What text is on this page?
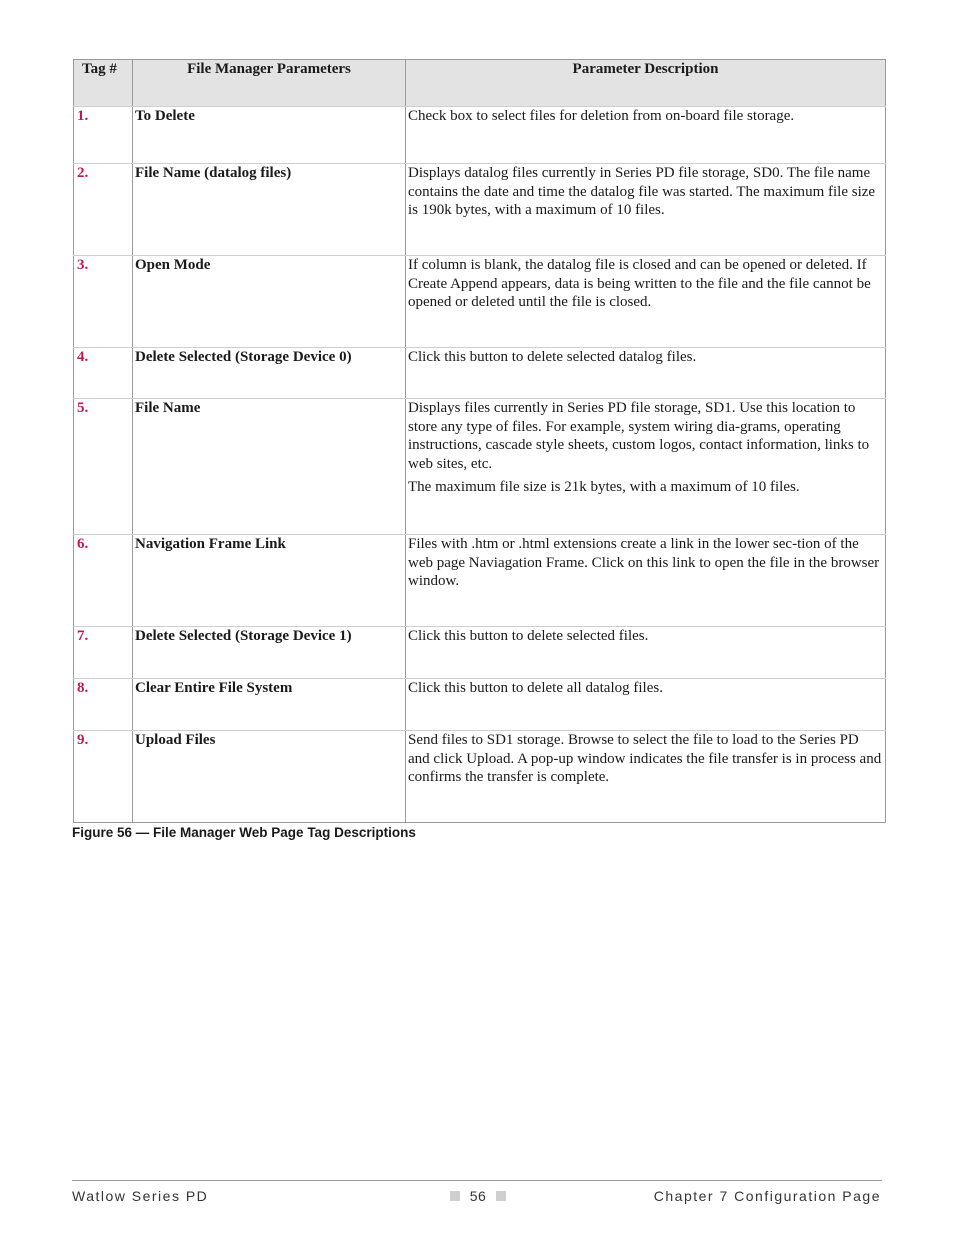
Tag #	File Manager Parameters	Parameter Description
1.	To Delete	Check box to select files for deletion from on-board file storage.

2.	File Name (datalog files)	Displays datalog files currently in Series PD file storage, SD0. The file name contains the date and time the datalog file was started. The maximum file size is 190k bytes, with a maximum of 10 files.

3.	Open Mode	If column is blank, the datalog file is closed and can be opened or deleted. If Create Append appears, data is being written to the file and the file cannot be opened or deleted until the file is closed.

4.	Delete Selected (Storage Device 0)	Click this button to delete selected datalog files.

5.	File Name	Displays files currently in Series PD file storage, SD1. Use this location to store any type of files. For example, system wiring dia-grams, operating instructions, cascade style sheets, custom logos, contact information, links to web sites, etc.

The maximum file size is 21k bytes, with a maximum of 10 files.

6.	Navigation Frame Link	Files with .htm or .html extensions create a link in the lower sec-tion of the web page Naviagation Frame. Click on this link to open the file in the browser window.

7.	Delete Selected (Storage Device 1)	Click this button to delete selected files.

8.	Clear Entire File System	Click this button to delete all datalog files.

9.	Upload Files	Send files to SD1 storage. Browse to select the file to load to the Series PD and click Upload. A pop-up window indicates the file transfer is in process and confirms the transfer is complete.

Figure 56 — File Manager Web Page Tag Descriptions
Watlow Series PD	56	Chapter 7 Configuration Page
